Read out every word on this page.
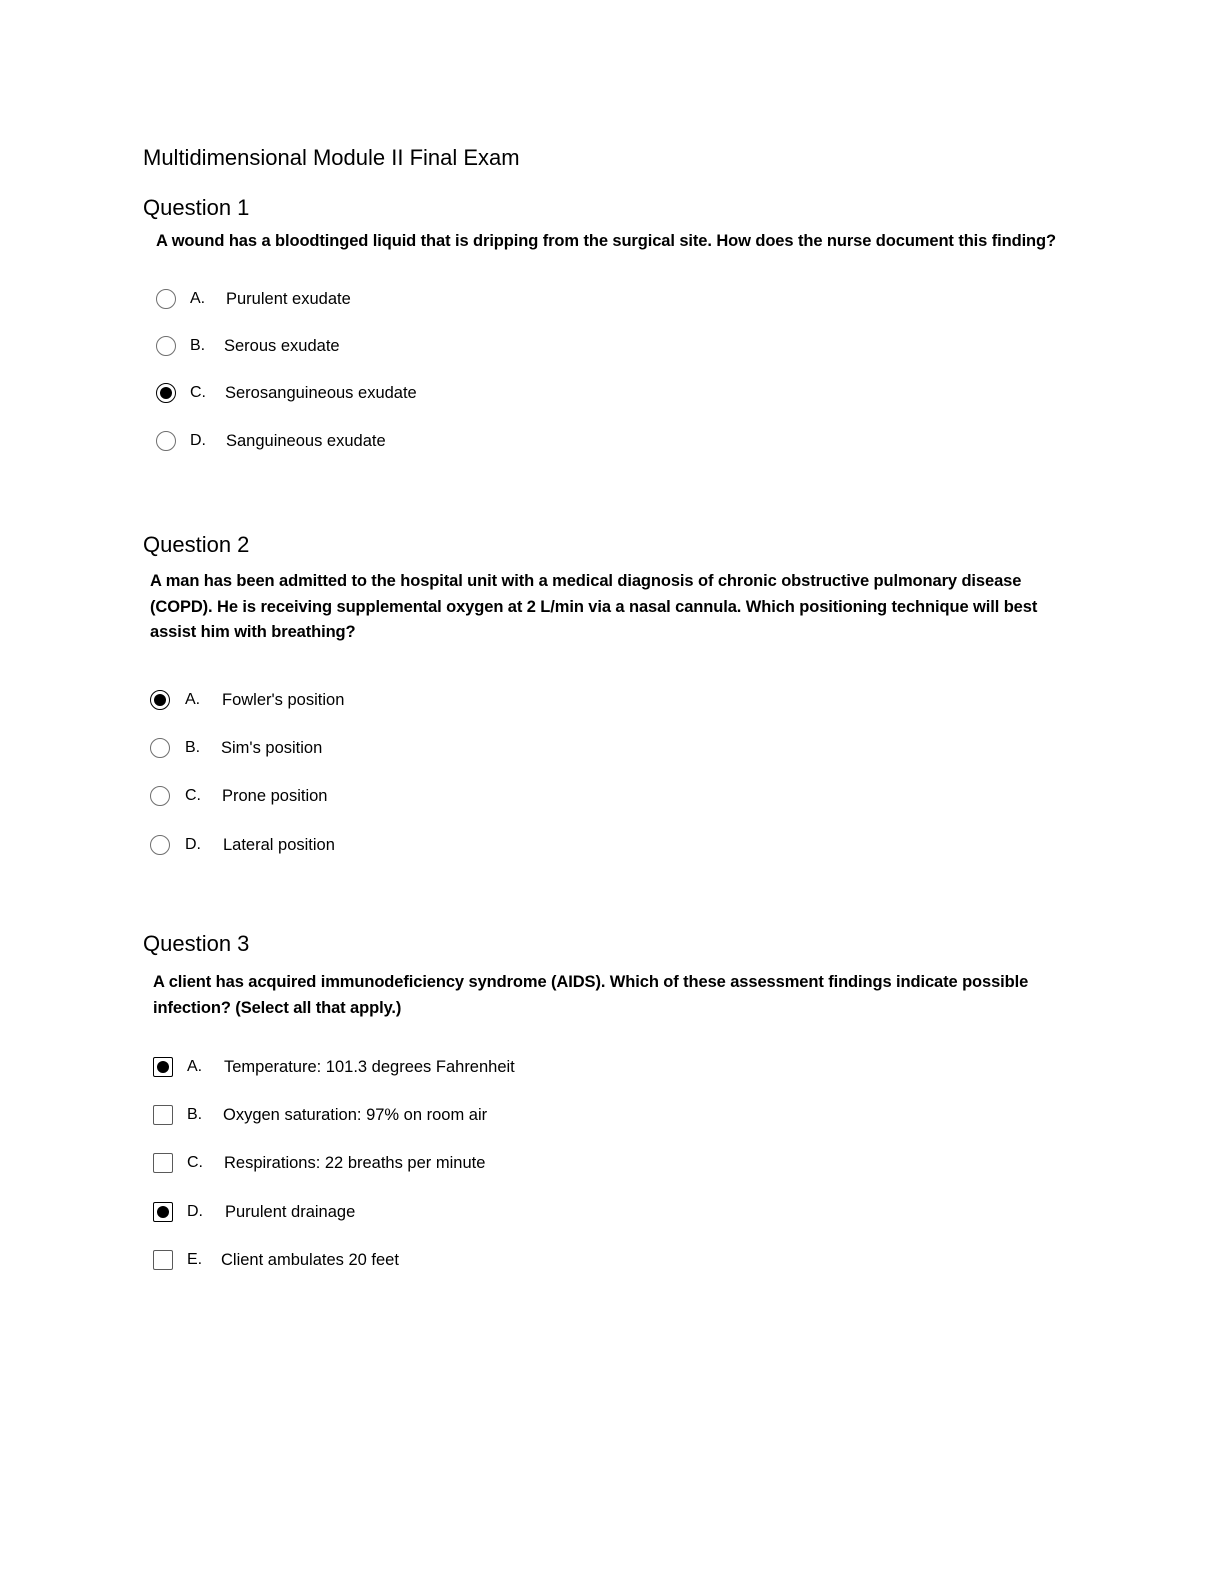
Multidimensional Module II Final Exam
Question 1
A wound has a bloodtinged liquid that is dripping from the surgical site. How does the nurse document this finding?
A. Purulent exudate
B. Serous exudate
C. Serosanguineous exudate
D. Sanguineous exudate
Question 2
A man has been admitted to the hospital unit with a medical diagnosis of chronic obstructive pulmonary disease (COPD). He is receiving supplemental oxygen at 2 L/min via a nasal cannula. Which positioning technique will best assist him with breathing?
A. Fowler's position
B. Sim's position
C. Prone position
D. Lateral position
Question 3
A client has acquired immunodeficiency syndrome (AIDS). Which of these assessment findings indicate possible infection? (Select all that apply.)
A. Temperature: 101.3 degrees Fahrenheit
B. Oxygen saturation: 97% on room air
C. Respirations: 22 breaths per minute
D. Purulent drainage
E. Client ambulates 20 feet
